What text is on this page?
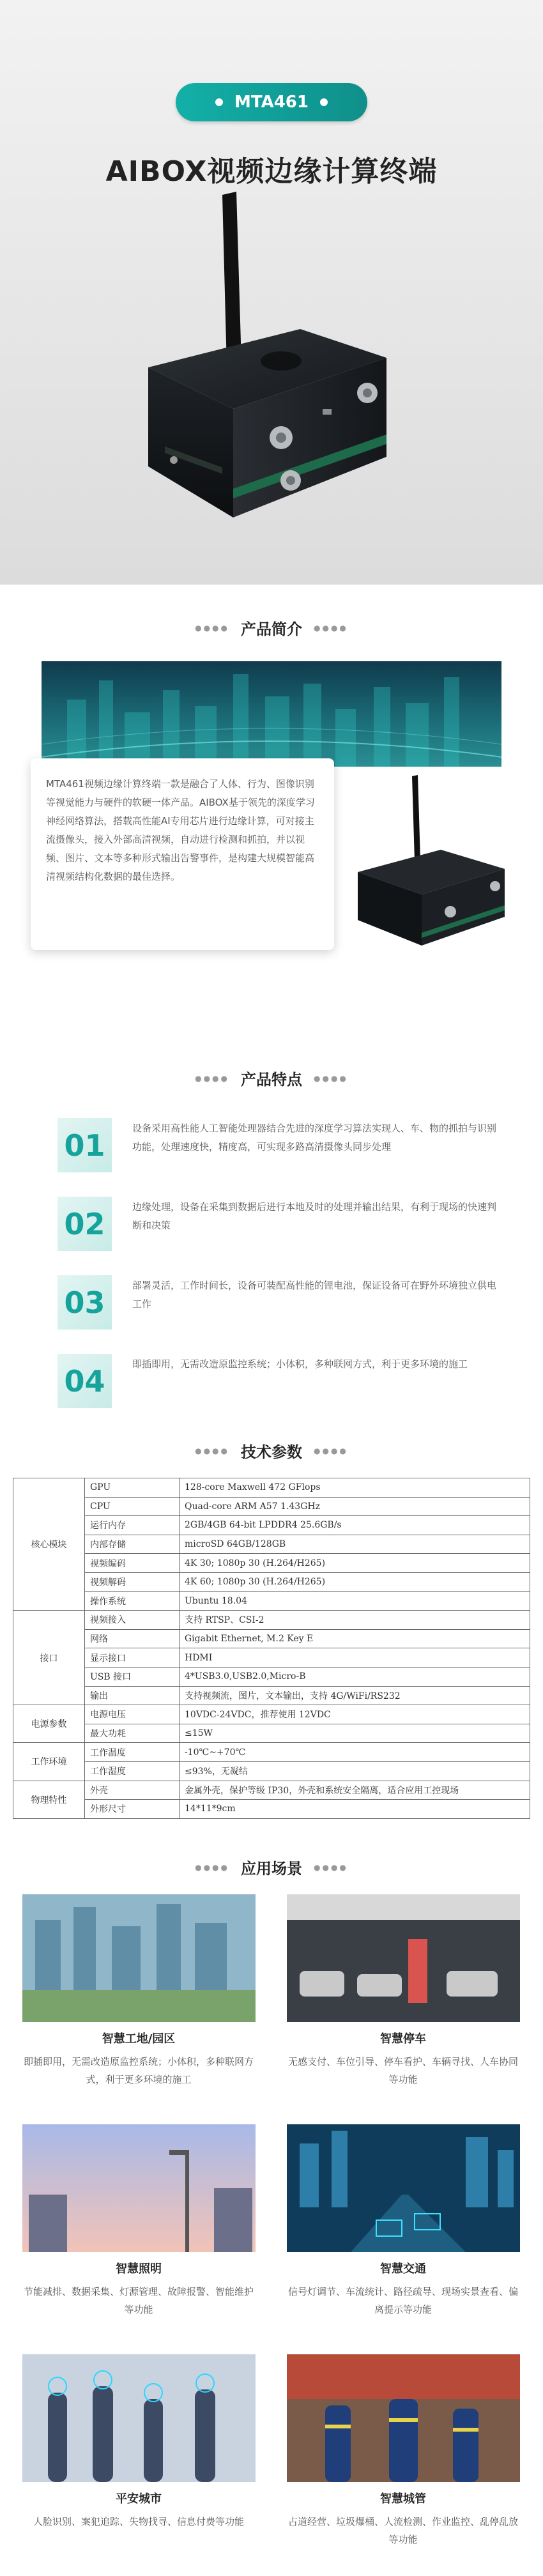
MTA461
AIBOX视频边缘计算终端
●●●● 产品简介 ●●●●

MTA461视频边缘计算终端一款是融合了人体、行为、图像识别等视觉能力与硬件的软硬一体产品。AIBOX基于领先的深度学习神经网络算法，搭载高性能AI专用芯片进行边缘计算，可对接主流摄像头，接入外部高清视频，自动进行检测和抓拍，并以视频、图片、文本等多种形式输出告警事件，是构建大规模智能高清视频结构化数据的最佳选择。

●●●● 产品特点 ●●●●
01	设备采用高性能人工智能处理器结合先进的深度学习算法实现人、车、物的抓拍与识别功能，处理速度快，精度高，可实现多路高清摄像头同步处理

02	边缘处理，设备在采集到数据后进行本地及时的处理并输出结果，有利于现场的快速判断和决策

03	部署灵活，工作时间长，设备可装配高性能的锂电池，保证设备可在野外环境独立供电工作

04	即插即用，无需改造原监控系统；小体积，多种联网方式，利于更多环境的施工

●●●● 技术参数 ●●●●
核心模块	GPU	128-core Maxwell 472 GFlops
	CPU	Quad-core ARM A57 1.43GHz
	运行内存	2GB/4GB 64-bit LPDDR4 25.6GB/s
	内部存储	microSD 64GB/128GB
	视频编码	4K 30; 1080p 30 (H.264/H265)
	视频解码	4K 60; 1080p 30 (H.264/H265)
	操作系统	Ubuntu 18.04
接口	视频接入	支持 RTSP、CSI-2
	网络	Gigabit Ethernet, M.2 Key E
	显示接口	HDMI
	USB 接口	4*USB3.0,USB2.0,Micro-B
	输出	支持视频流，图片，文本输出，支持 4G/WiFi/RS232
电源参数	电源电压	10VDC-24VDC，推荐使用 12VDC
	最大功耗	≤15W
工作环境	工作温度	-10℃~+70℃
	工作湿度	≤93%，无凝结
物理特性	外壳	金属外壳，保护等级 IP30，外壳和系统安全隔离，适合应用工控现场
	外形尺寸	14*11*9cm
●●●● 应用场景 ●●●●
智慧工地/园区
即插即用，无需改造原监控系统；小体积，多种联网方式，利于更多环境的施工
智慧停车
无感支付、车位引导、停车看护、车辆寻找、人车协同等功能
智慧照明
节能减排、数据采集、灯源管理、故障报警、智能维护等功能
智慧交通
信号灯调节、车流统计、路径疏导、现场实景查看、偏离提示等功能
平安城市
人脸识别、案犯追踪、失物找寻、信息付费等功能
智慧城管
占道经营、垃圾爆桶、人流检测、作业监控、乱停乱放等功能
